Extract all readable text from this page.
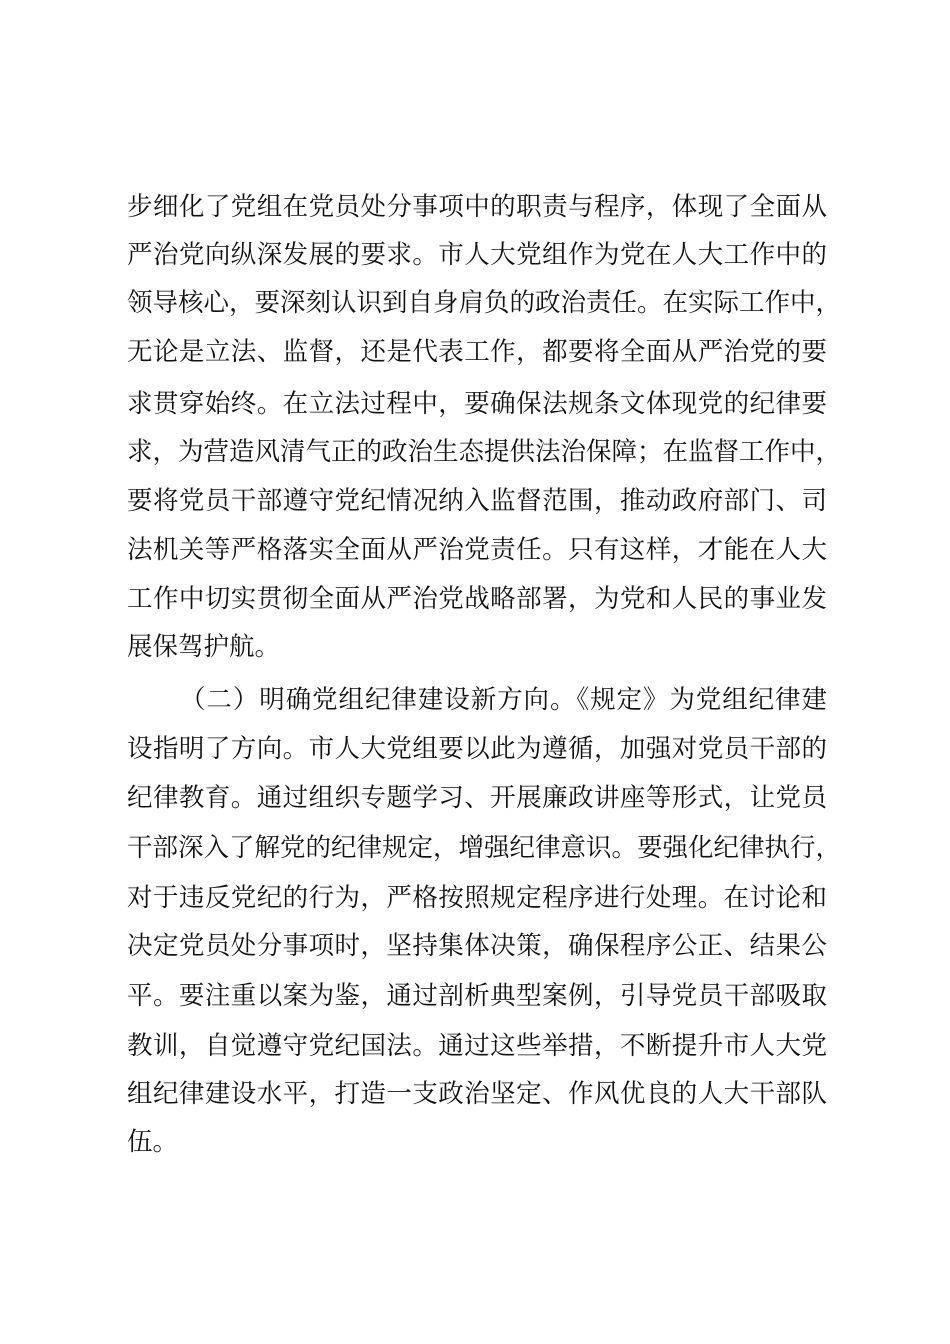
步细化了党组在党员处分事项中的职责与程序，体现了全面从

严治党向纵深发展的要求。市人大党组作为党在人大工作中的

领导核心，要深刻认识到自身肩负的政治责任。在实际工作中，

无论是立法、监督，还是代表工作，都要将全面从严治党的要

求贯穿始终。在立法过程中，要确保法规条文体现党的纪律要

求，为营造风清气正的政治生态提供法治保障；在监督工作中，

要将党员干部遵守党纪情况纳入监督范围，推动政府部门、司

法机关等严格落实全面从严治党责任。只有这样，才能在人大

工作中切实贯彻全面从严治党战略部署，为党和人民的事业发

展保驾护航。

（二）明确党组纪律建设新方向。《规定》为党组纪律建

设指明了方向。市人大党组要以此为遵循，加强对党员干部的

纪律教育。通过组织专题学习、开展廉政讲座等形式，让党员

干部深入了解党的纪律规定，增强纪律意识。要强化纪律执行，

对于违反党纪的行为，严格按照规定程序进行处理。在讨论和

决定党员处分事项时，坚持集体决策，确保程序公正、结果公

平。要注重以案为鉴，通过剖析典型案例，引导党员干部吸取

教训，自觉遵守党纪国法。通过这些举措，不断提升市人大党

组纪律建设水平，打造一支政治坚定、作风优良的人大干部队

伍。
